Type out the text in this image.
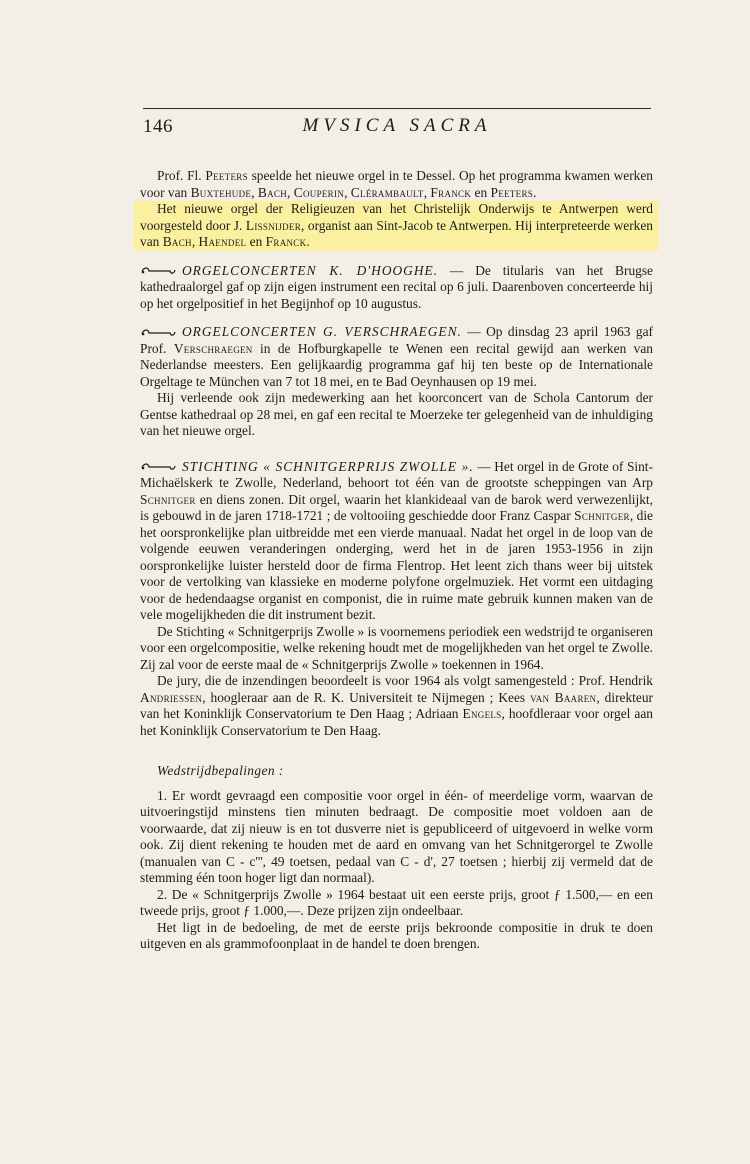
146	MVSICA SACRA

Prof. Fl. Peeters speelde het nieuwe orgel in te Dessel. Op het programma kwamen werken voor van Buxtehude, Bach, Couperin, Clérambault, Franck en Peeters.

Het nieuwe orgel der Religieuzen van het Christelijk Onderwijs te Antwerpen werd voorgesteld door J. Lissnijder, organist aan Sint-Jacob te Antwerpen. Hij interpreteerde werken van Bach, Haendel en Franck.

ORGELCONCERTEN K. D'HOOGHE. — De titularis van het Brugse kathedraalorgel gaf op zijn eigen instrument een recital op 6 juli. Daarenboven concerteerde hij op het orgelpositief in het Begijnhof op 10 augustus.

ORGELCONCERTEN G. VERSCHRAEGEN. — Op dinsdag 23 april 1963 gaf Prof. Verschraegen in de Hofburgkapelle te Wenen een recital gewijd aan werken van Nederlandse meesters. Een gelijkaardig programma gaf hij ten beste op de Internationale Orgeltage te München van 7 tot 18 mei, en te Bad Oeynhausen op 19 mei.

Hij verleende ook zijn medewerking aan het koorconcert van de Schola Cantorum der Gentse kathedraal op 28 mei, en gaf een recital te Moerzeke ter gelegenheid van de inhuldiging van het nieuwe orgel.

STICHTING « SCHNITGERPRIJS ZWOLLE ». — Het orgel in de Grote of Sint-Michaëlskerk te Zwolle, Nederland, behoort tot één van de grootste scheppingen van Arp Schnitger en diens zonen. Dit orgel, waarin het klankideaal van de barok werd verwezenlijkt, is gebouwd in de jaren 1718-1721 ; de voltooiing geschiedde door Franz Caspar Schnitger, die het oorspronkelijke plan uitbreidde met een vierde manuaal. Nadat het orgel in de loop van de volgende eeuwen veranderingen onderging, werd het in de jaren 1953-1956 in zijn oorspronkelijke luister hersteld door de firma Flentrop. Het leent zich thans weer bij uitstek voor de vertolking van klassieke en moderne polyfone orgelmuziek. Het vormt een uitdaging voor de hedendaagse organist en componist, die in ruime mate gebruik kunnen maken van de vele mogelijkheden die dit instrument bezit.

De Stichting « Schnitgerprijs Zwolle » is voornemens periodiek een wedstrijd te organiseren voor een orgelcompositie, welke rekening houdt met de mogelijkheden van het orgel te Zwolle. Zij zal voor de eerste maal de « Schnitgerprijs Zwolle » toekennen in 1964.

De jury, die de inzendingen beoordeelt is voor 1964 als volgt samengesteld : Prof. Hendrik Andriessen, hoogleraar aan de R. K. Universiteit te Nijmegen ; Kees van Baaren, direkteur van het Koninklijk Conservatorium te Den Haag ; Adriaan Engels, hoofdleraar voor orgel aan het Koninklijk Conservatorium te Den Haag.

Wedstrijdbepalingen :

1. Er wordt gevraagd een compositie voor orgel in één- of meerdelige vorm, waarvan de uitvoeringstijd minstens tien minuten bedraagt. De compositie moet voldoen aan de voorwaarde, dat zij nieuw is en tot dusverre niet is gepubliceerd of uitgevoerd in welke vorm ook. Zij dient rekening te houden met de aard en omvang van het Schnitgerorgel te Zwolle (manualen van C - c''', 49 toetsen, pedaal van C - d', 27 toetsen ; hierbij zij vermeld dat de stemming één toon hoger ligt dan normaal).

2. De « Schnitgerprijs Zwolle » 1964 bestaat uit een eerste prijs, groot ƒ 1.500,— en een tweede prijs, groot ƒ 1.000,—. Deze prijzen zijn ondeelbaar.

Het ligt in de bedoeling, de met de eerste prijs bekroonde compositie in druk te doen uitgeven en als grammofoonplaat in de handel te doen brengen.
